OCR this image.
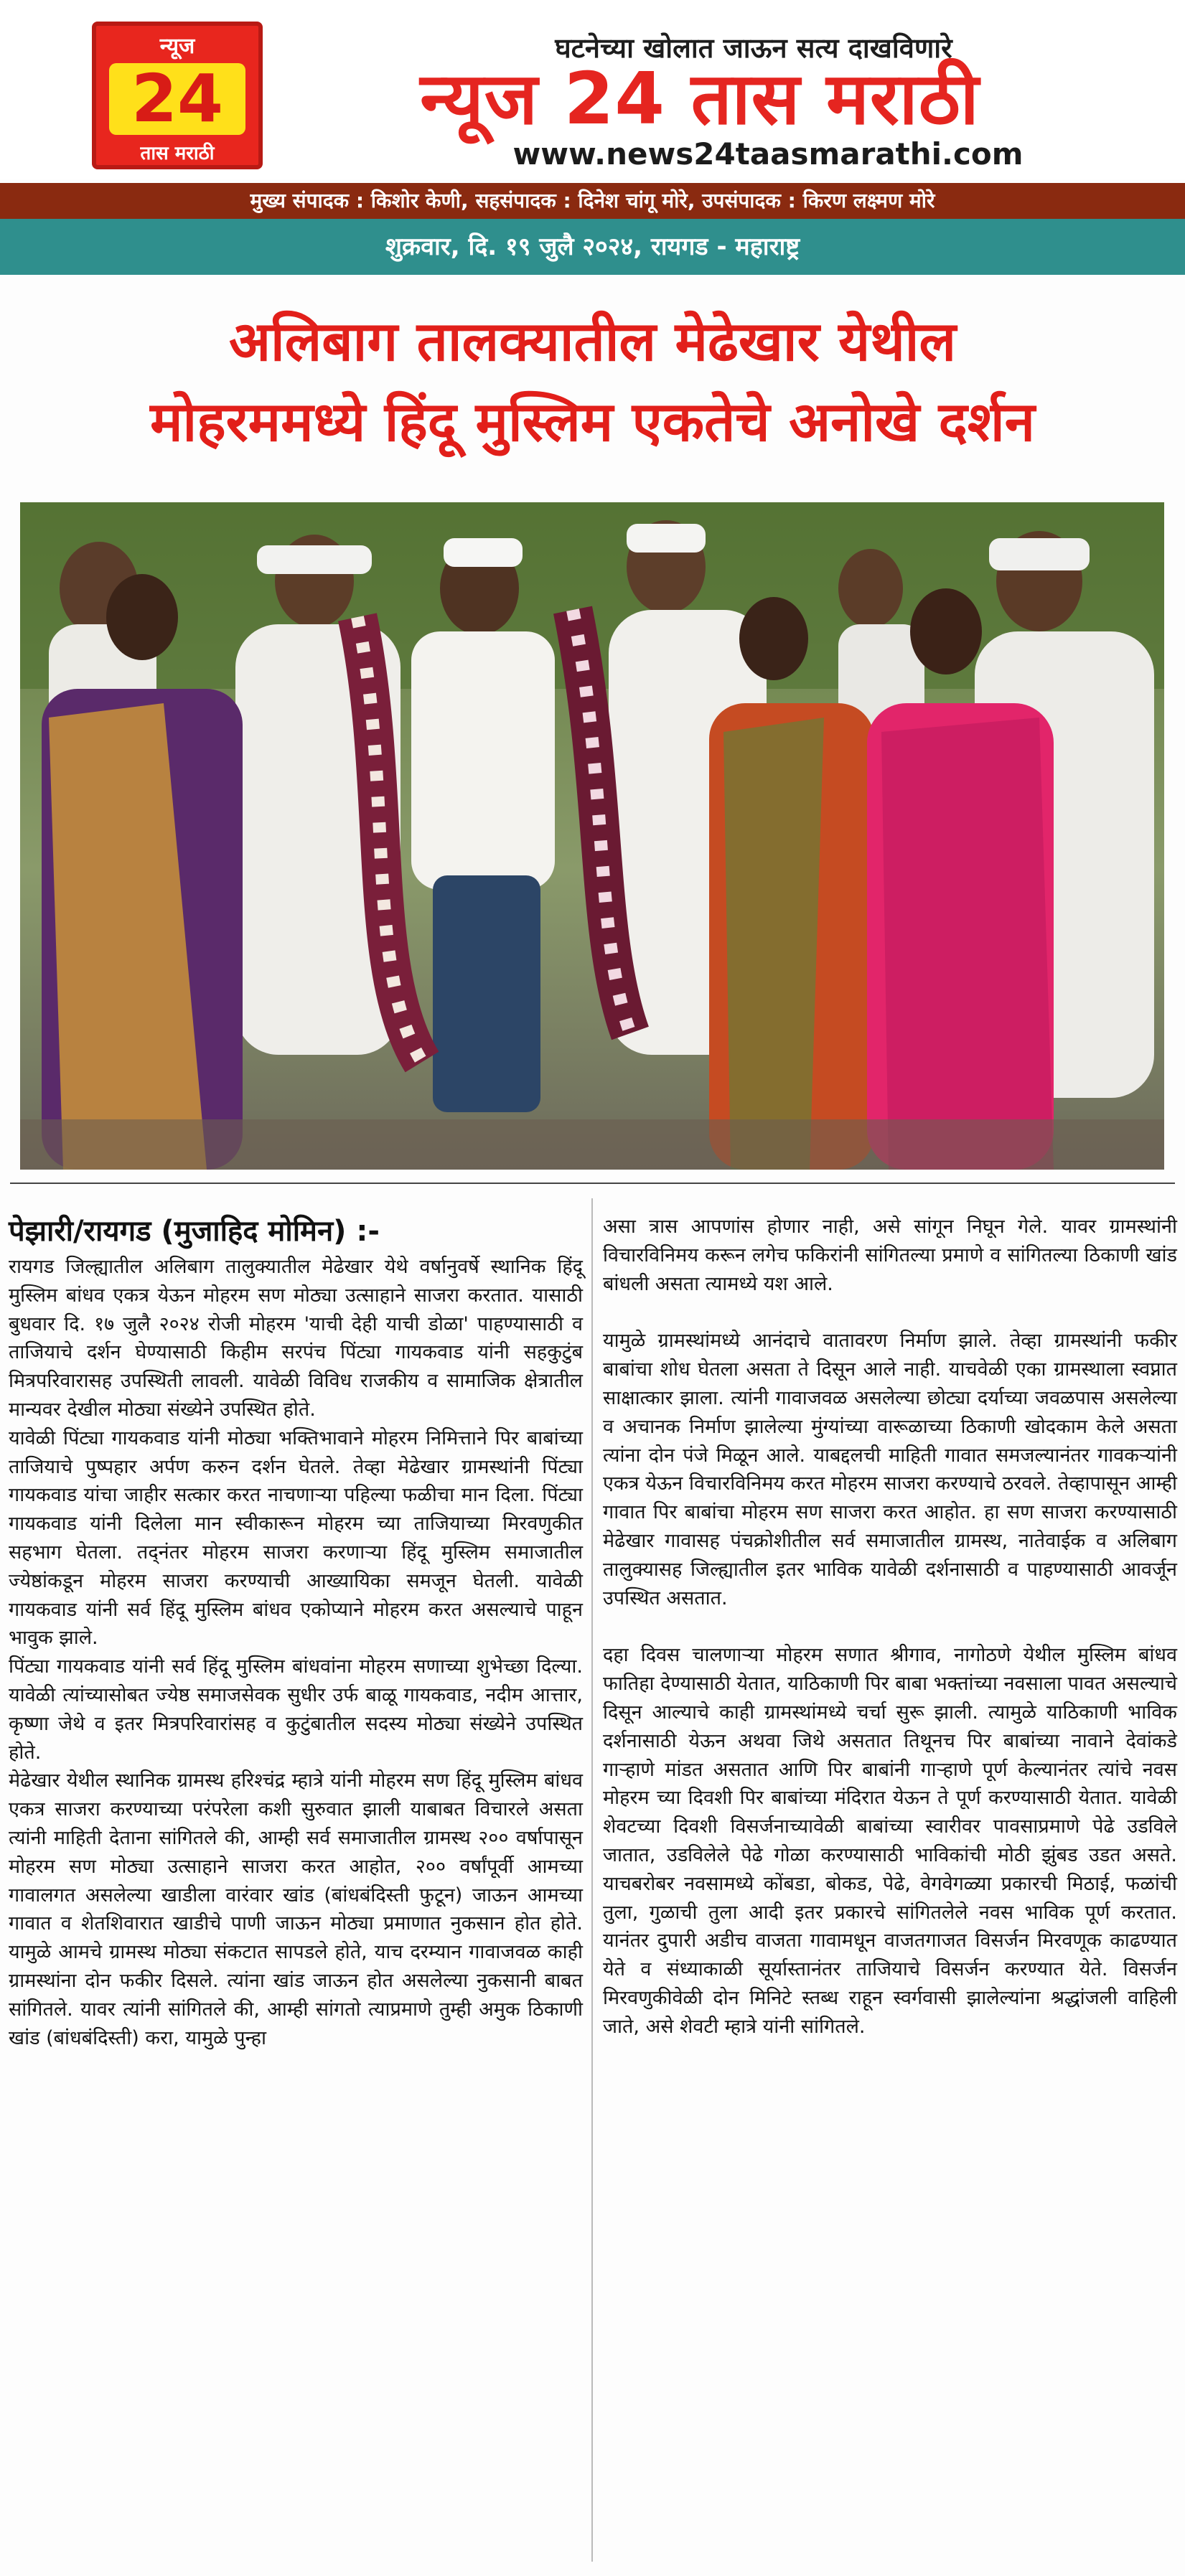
न्यूज
24
तास मराठी
घटनेच्या खोलात जाऊन सत्य दाखविणारे
न्यूज 24 तास मराठी
www.news24taasmarathi.com
मुख्य संपादक : किशोर केणी, सहसंपादक : दिनेश चांगू मोरे, उपसंपादक : किरण लक्ष्मण मोरे
शुक्रवार, दि. १९ जुलै २०२४, रायगड - महाराष्ट्र
अलिबाग तालक्यातील मेढेखार येथील
मोहरममध्ये हिंदू मुस्लिम एकतेचे अनोखे दर्शन
पेझारी/रायगड (मुजाहिद मोमिन) :-

रायगड जिल्ह्यातील अलिबाग तालुक्यातील मेढेखार येथे वर्षानुवर्षे स्थानिक हिंदू मुस्लिम बांधव एकत्र येऊन मोहरम सण मोठ्या उत्साहाने साजरा करतात. यासाठी बुधवार दि. १७ जुलै २०२४ रोजी मोहरम 'याची देही याची डोळा' पाहण्यासाठी व ताजियाचे दर्शन घेण्यासाठी किहीम सरपंच पिंट्या गायकवाड यांनी सहकुटुंब मित्रपरिवारासह उपस्थिती लावली. यावेळी विविध राजकीय व सामाजिक क्षेत्रातील मान्यवर देखील मोठ्या संख्येने उपस्थित होते.

यावेळी पिंट्या गायकवाड यांनी मोठ्या भक्तिभावाने मोहरम निमित्ताने पिर बाबांच्या ताजियाचे पुष्पहार अर्पण करुन दर्शन घेतले. तेव्हा मेढेखार ग्रामस्थांनी पिंट्या गायकवाड यांचा जाहीर सत्कार करत नाचणाऱ्या पहिल्या फळीचा मान दिला. पिंट्या गायकवाड यांनी दिलेला मान स्वीकारून मोहरम च्या ताजियाच्या मिरवणुकीत सहभाग घेतला. तद्नंतर मोहरम साजरा करणाऱ्या हिंदू मुस्लिम समाजातील ज्येष्ठांकडून मोहरम साजरा करण्याची आख्यायिका समजून घेतली. यावेळी गायकवाड यांनी सर्व हिंदू मुस्लिम बांधव एकोप्याने मोहरम करत असल्याचे पाहून भावुक झाले.

पिंट्या गायकवाड यांनी सर्व हिंदू मुस्लिम बांधवांना मोहरम सणाच्या शुभेच्छा दिल्या. यावेळी त्यांच्यासोबत ज्येष्ठ समाजसेवक सुधीर उर्फ बाळू गायकवाड, नदीम आत्तार, कृष्णा जेथे व इतर मित्रपरिवारांसह व कुटुंबातील सदस्य मोठ्या संख्येने उपस्थित होते.

मेढेखार येथील स्थानिक ग्रामस्थ हरिश्चंद्र म्हात्रे यांनी मोहरम सण हिंदू मुस्लिम बांधव एकत्र साजरा करण्याच्या परंपरेला कशी सुरुवात झाली याबाबत विचारले असता त्यांनी माहिती देताना सांगितले की, आम्ही सर्व समाजातील ग्रामस्थ २०० वर्षापासून मोहरम सण मोठ्या उत्साहाने साजरा करत आहोत, २०० वर्षांपूर्वी आमच्या गावालगत असलेल्या खाडीला वारंवार खांड (बांधबंदिस्ती फुटून) जाऊन आमच्या गावात व शेतशिवारात खाडीचे पाणी जाऊन मोठ्या प्रमाणात नुकसान होत होते. यामुळे आमचे ग्रामस्थ मोठ्या संकटात सापडले होते, याच दरम्यान गावाजवळ काही ग्रामस्थांना दोन फकीर दिसले. त्यांना खांड जाऊन होत असलेल्या नुकसानी बाबत सांगितले. यावर त्यांनी सांगितले की, आम्ही सांगतो त्याप्रमाणे तुम्ही अमुक ठिकाणी खांड (बांधबंदिस्ती) करा, यामुळे पुन्हा

असा त्रास आपणांस होणार नाही, असे सांगून निघून गेले. यावर ग्रामस्थांनी विचारविनिमय करून लगेच फकिरांनी सांगितल्या प्रमाणे व सांगितल्या ठिकाणी खांड बांधली असता त्यामध्ये यश आले.

यामुळे ग्रामस्थांमध्ये आनंदाचे वातावरण निर्माण झाले. तेव्हा ग्रामस्थांनी फकीर बाबांचा शोध घेतला असता ते दिसून आले नाही. याचवेळी एका ग्रामस्थाला स्वप्नात साक्षात्कार झाला. त्यांनी गावाजवळ असलेल्या छोट्या दर्याच्या जवळपास असलेल्या व अचानक निर्माण झालेल्या मुंग्यांच्या वारूळाच्या ठिकाणी खोदकाम केले असता त्यांना दोन पंजे मिळून आले. याबद्दलची माहिती गावात समजल्यानंतर गावकऱ्यांनी एकत्र येऊन विचारविनिमय करत मोहरम साजरा करण्याचे ठरवले. तेव्हापासून आम्ही गावात पिर बाबांचा मोहरम सण साजरा करत आहोत. हा सण साजरा करण्यासाठी मेढेखार गावासह पंचक्रोशीतील सर्व समाजातील ग्रामस्थ, नातेवाईक व अलिबाग तालुक्यासह जिल्ह्यातील इतर भाविक यावेळी दर्शनासाठी व पाहण्यासाठी आवर्जून उपस्थित असतात.

दहा दिवस चालणाऱ्या मोहरम सणात श्रीगाव, नागोठणे येथील मुस्लिम बांधव फातिहा देण्यासाठी येतात, याठिकाणी पिर बाबा भक्तांच्या नवसाला पावत असल्याचे दिसून आल्याचे काही ग्रामस्थांमध्ये चर्चा सुरू झाली. त्यामुळे याठिकाणी भाविक दर्शनासाठी येऊन अथवा जिथे असतात तिथूनच पिर बाबांच्या नावाने देवांकडे गाऱ्हाणे मांडत असतात आणि पिर बाबांनी गाऱ्हाणे पूर्ण केल्यानंतर त्यांचे नवस मोहरम च्या दिवशी पिर बाबांच्या मंदिरात येऊन ते पूर्ण करण्यासाठी येतात. यावेळी शेवटच्या दिवशी विसर्जनाच्यावेळी बाबांच्या स्वारीवर पावसाप्रमाणे पेढे उडविले जातात, उडविलेले पेढे गोळा करण्यासाठी भाविकांची मोठी झुंबड उडत असते. याचबरोबर नवसामध्ये कोंबडा, बोकड, पेढे, वेगवेगळ्या प्रकारची मिठाई, फळांची तुला, गुळाची तुला आदी इतर प्रकारचे सांगितलेले नवस भाविक पूर्ण करतात. यानंतर दुपारी अडीच वाजता गावामधून वाजतगाजत विसर्जन मिरवणूक काढण्यात येते व संध्याकाळी सूर्यास्तानंतर ताजियाचे विसर्जन करण्यात येते. विसर्जन मिरवणुकीवेळी दोन मिनिटे स्तब्ध राहून स्वर्गवासी झालेल्यांना श्रद्धांजली वाहिली जाते, असे शेवटी म्हात्रे यांनी सांगितले.
